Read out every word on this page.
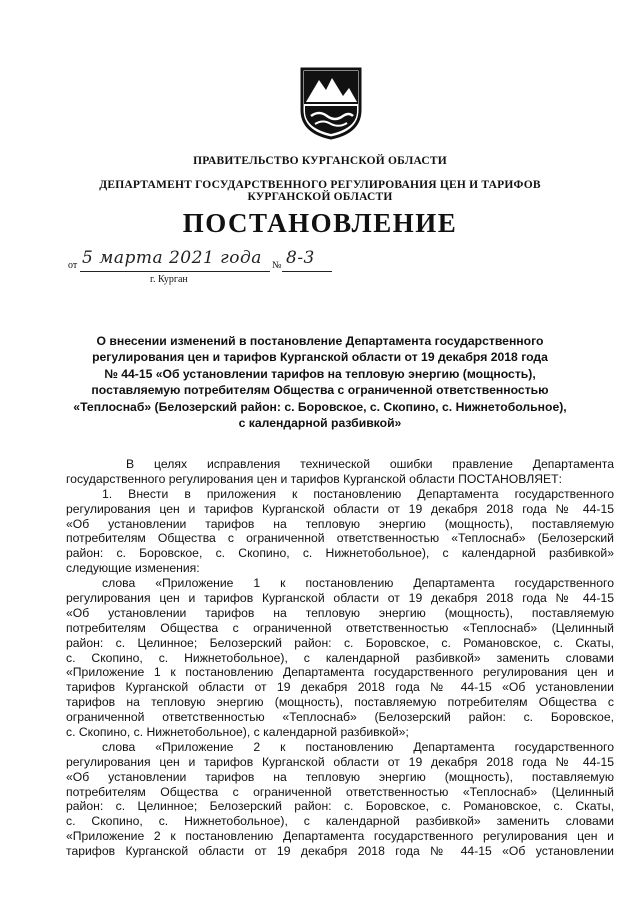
ПРАВИТЕЛЬСТВО КУРГАНСКОЙ ОБЛАСТИ
ДЕПАРТАМЕНТ ГОСУДАРСТВЕННОГО РЕГУЛИРОВАНИЯ ЦЕН И ТАРИФОВ
КУРГАНСКОЙ ОБЛАСТИ
ПОСТАНОВЛЕНИЕ
от 5 марта 2021 года № 8-3
г. Курган
О внесении изменений в постановление Департамента государственного
регулирования цен и тарифов Курганской области от 19 декабря 2018 года
№ 44-15 «Об установлении тарифов на тепловую энергию (мощность),
поставляемую потребителям Общества с ограниченной ответственностью
«Теплоснаб» (Белозерский район: с. Боровское, с. Скопино, с. Нижнетобольное),
с календарной разбивкой»
В целях исправления технической ошибки правление Департамента
государственного регулирования цен и тарифов Курганской области ПОСТАНОВЛЯЕТ:
1. Внести в приложения к постановлению Департамента государственного
регулирования цен и тарифов Курганской области от 19 декабря 2018 года № 44-15
«Об установлении тарифов на тепловую энергию (мощность), поставляемую
потребителям Общества с ограниченной ответственностью «Теплоснаб» (Белозерский
район: с. Боровское, с. Скопино, с. Нижнетобольное), с календарной разбивкой»
следующие изменения:
слова «Приложение 1 к постановлению Департамента государственного
регулирования цен и тарифов Курганской области от 19 декабря 2018 года № 44-15
«Об установлении тарифов на тепловую энергию (мощность), поставляемую
потребителям Общества с ограниченной ответственностью «Теплоснаб» (Целинный
район: с. Целинное; Белозерский район: с. Боровское, с. Романовское, с. Скаты,
с. Скопино, с. Нижнетобольное), с календарной разбивкой» заменить словами
«Приложение 1 к постановлению Департамента государственного регулирования цен и
тарифов Курганской области от 19 декабря 2018 года № 44-15 «Об установлении
тарифов на тепловую энергию (мощность), поставляемую потребителям Общества с
ограниченной ответственностью «Теплоснаб» (Белозерский район: с. Боровское,
с. Скопино, с. Нижнетобольное), с календарной разбивкой»;
слова «Приложение 2 к постановлению Департамента государственного
регулирования цен и тарифов Курганской области от 19 декабря 2018 года № 44-15
«Об установлении тарифов на тепловую энергию (мощность), поставляемую
потребителям Общества с ограниченной ответственностью «Теплоснаб» (Целинный
район: с. Целинное; Белозерский район: с. Боровское, с. Романовское, с. Скаты,
с. Скопино, с. Нижнетобольное), с календарной разбивкой» заменить словами
«Приложение 2 к постановлению Департамента государственного регулирования цен и
тарифов Курганской области от 19 декабря 2018 года № 44-15 «Об установлении
